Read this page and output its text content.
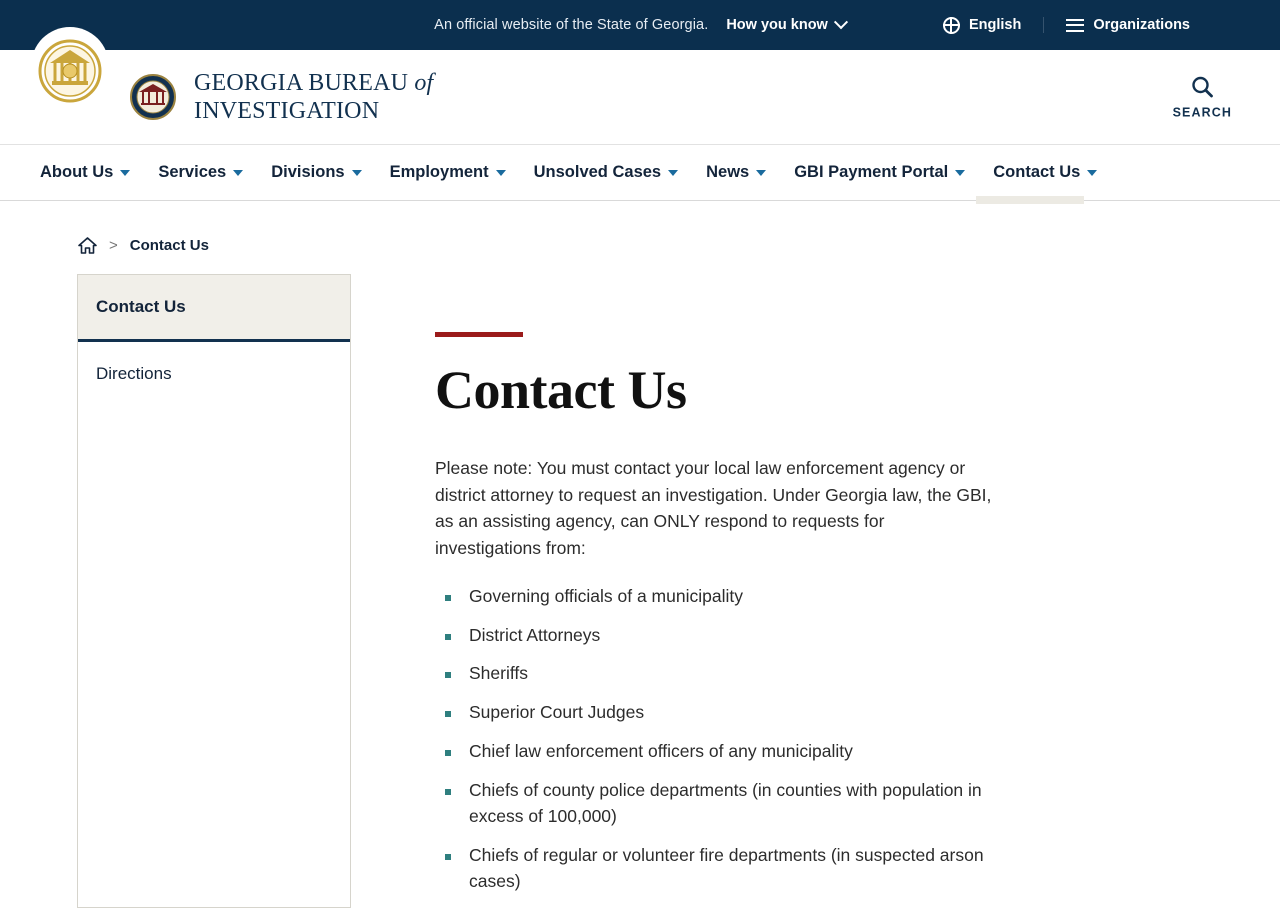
An official website of the State of Georgia. How you know	English	Organizations
GEORGIA BUREAU of
INVESTIGATION	SEARCH
About Us	Services	Divisions	Employment	Unsolved Cases	News	GBI Payment Portal	Contact Us
> Contact Us
Contact Us
Directions	Contact Us

Please note: You must contact your local law enforcement agency or district attorney to request an investigation. Under Georgia law, the GBI, as an assisting agency, can ONLY respond to requests for investigations from:

Governing officials of a municipality
District Attorneys
Sheriffs
Superior Court Judges
Chief law enforcement officers of any municipality
Chiefs of county police departments (in counties with population in excess of 100,000)
Chiefs of regular or volunteer fire departments (in suspected arson cases)
